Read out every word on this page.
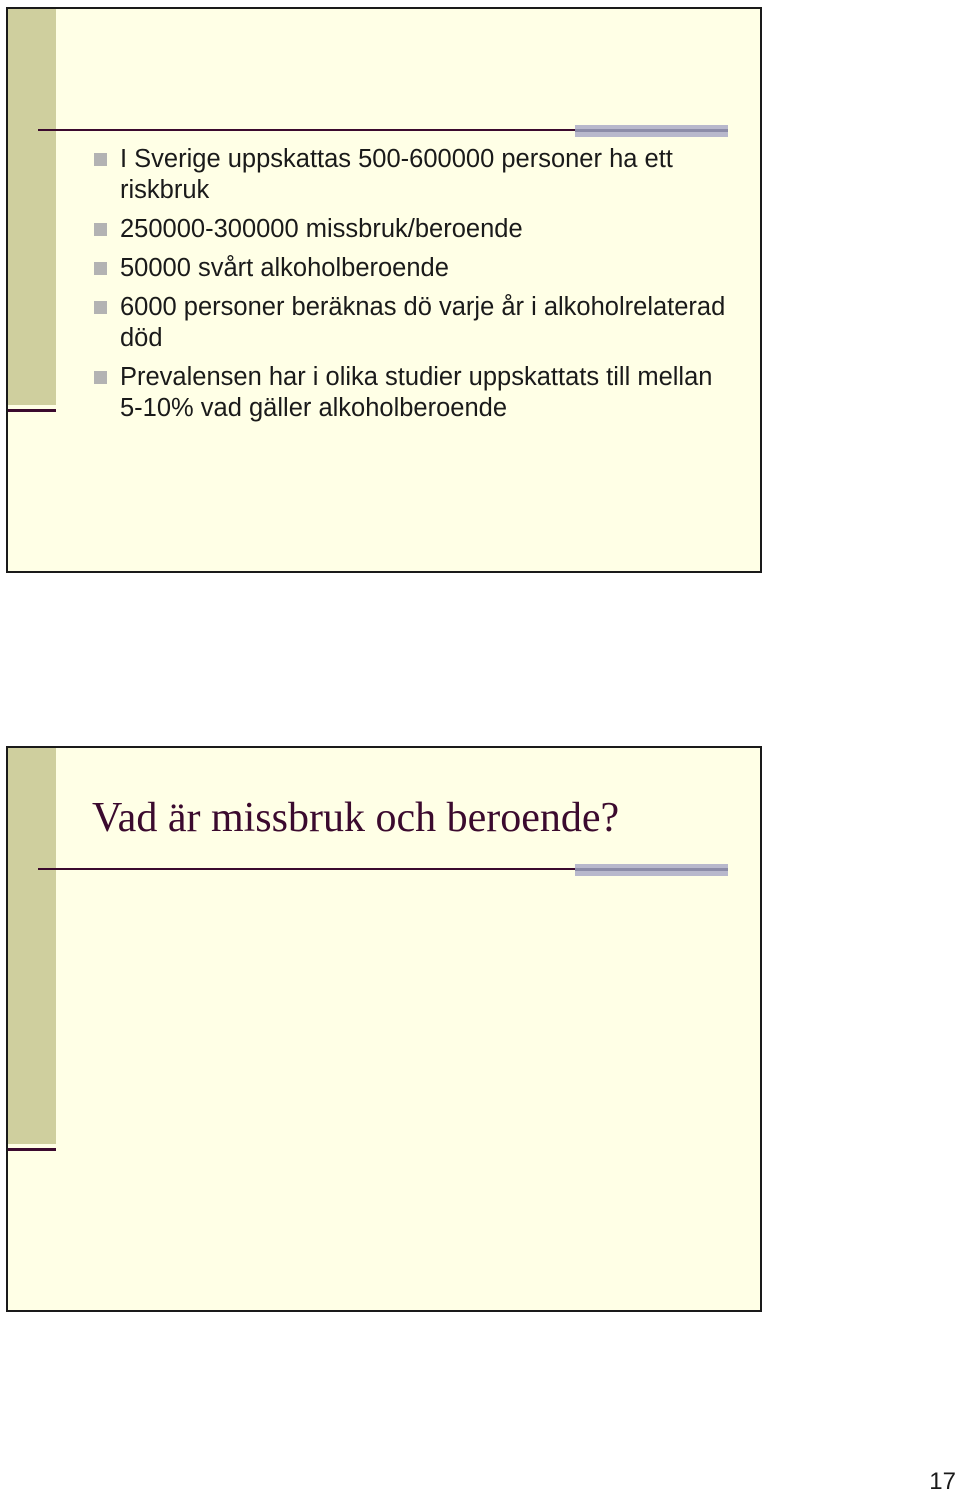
I Sverige uppskattas 500-600000 personer ha ett riskbruk
250000-300000 missbruk/beroende
50000 svårt alkoholberoende
6000 personer beräknas dö varje år i alkoholrelaterad död
Prevalensen har i olika studier uppskattats till mellan 5-10% vad gäller alkoholberoende
Vad är missbruk och beroende?
17
